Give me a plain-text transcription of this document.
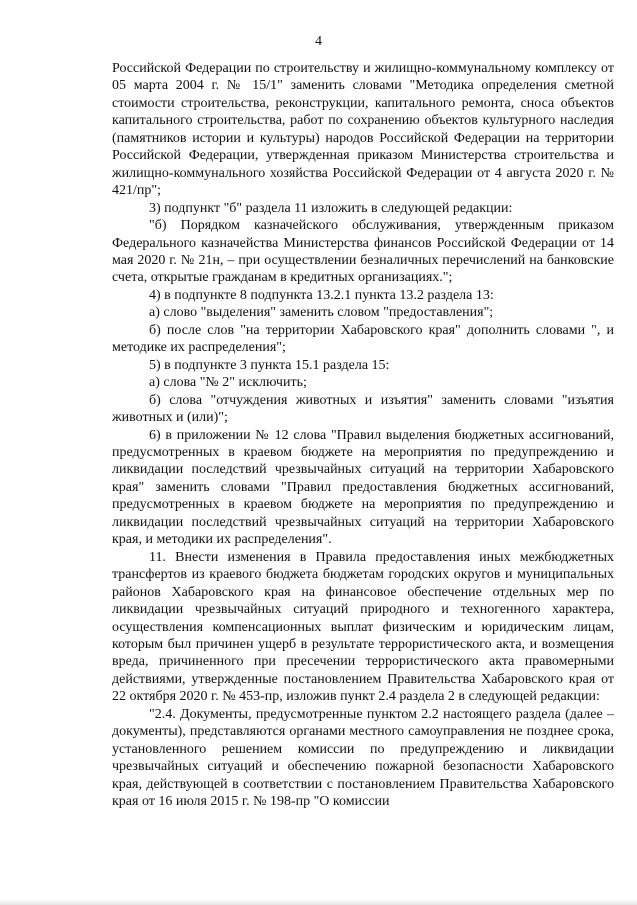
4

Российской Федерации по строительству и жилищно-коммунальному комплексу от 05 марта 2004 г. № 15/1" заменить словами "Методика определения сметной стоимости строительства, реконструкции, капитального ремонта, сноса объектов капитального строительства, работ по сохранению объектов культурного наследия (памятников истории и культуры) народов Российской Федерации на территории Российской Федерации, утвержденная приказом Министерства строительства и жилищно-коммунального хозяйства Российской Федерации от 4 августа 2020 г. № 421/пр";

3) подпункт "б" раздела 11 изложить в следующей редакции:

"б) Порядком казначейского обслуживания, утвержденным приказом Федерального казначейства Министерства финансов Российской Федерации от 14 мая 2020 г. № 21н, – при осуществлении безналичных перечислений на банковские счета, открытые гражданам в кредитных организациях.";

4) в подпункте 8 подпункта 13.2.1 пункта 13.2 раздела 13:

а) слово "выделения" заменить словом "предоставления";

б) после слов "на территории Хабаровского края" дополнить словами ", и методике их распределения";

5) в подпункте 3 пункта 15.1 раздела 15:

а) слова "№ 2" исключить;

б) слова "отчуждения животных и изъятия" заменить словами "изъятия животных и (или)";

6) в приложении № 12 слова "Правил выделения бюджетных ассигнований, предусмотренных в краевом бюджете на мероприятия по предупреждению и ликвидации последствий чрезвычайных ситуаций на территории Хабаровского края" заменить словами "Правил предоставления бюджетных ассигнований, предусмотренных в краевом бюджете на мероприятия по предупреждению и ликвидации последствий чрезвычайных ситуаций на территории Хабаровского края, и методики их распределения".

11. Внести изменения в Правила предоставления иных межбюджетных трансфертов из краевого бюджета бюджетам городских округов и муниципальных районов Хабаровского края на финансовое обеспечение отдельных мер по ликвидации чрезвычайных ситуаций природного и техногенного характера, осуществления компенсационных выплат физическим и юридическим лицам, которым был причинен ущерб в результате террористического акта, и возмещения вреда, причиненного при пресечении террористического акта правомерными действиями, утвержденные постановлением Правительства Хабаровского края от 22 октября 2020 г. № 453-пр, изложив пункт 2.4 раздела 2 в следующей редакции:

"2.4. Документы, предусмотренные пунктом 2.2 настоящего раздела (далее – документы), представляются органами местного самоуправления не позднее срока, установленного решением комиссии по предупреждению и ликвидации чрезвычайных ситуаций и обеспечению пожарной безопасности Хабаровского края, действующей в соответствии с постановлением Правительства Хабаровского края от 16 июля 2015 г. № 198-пр "О комиссии
